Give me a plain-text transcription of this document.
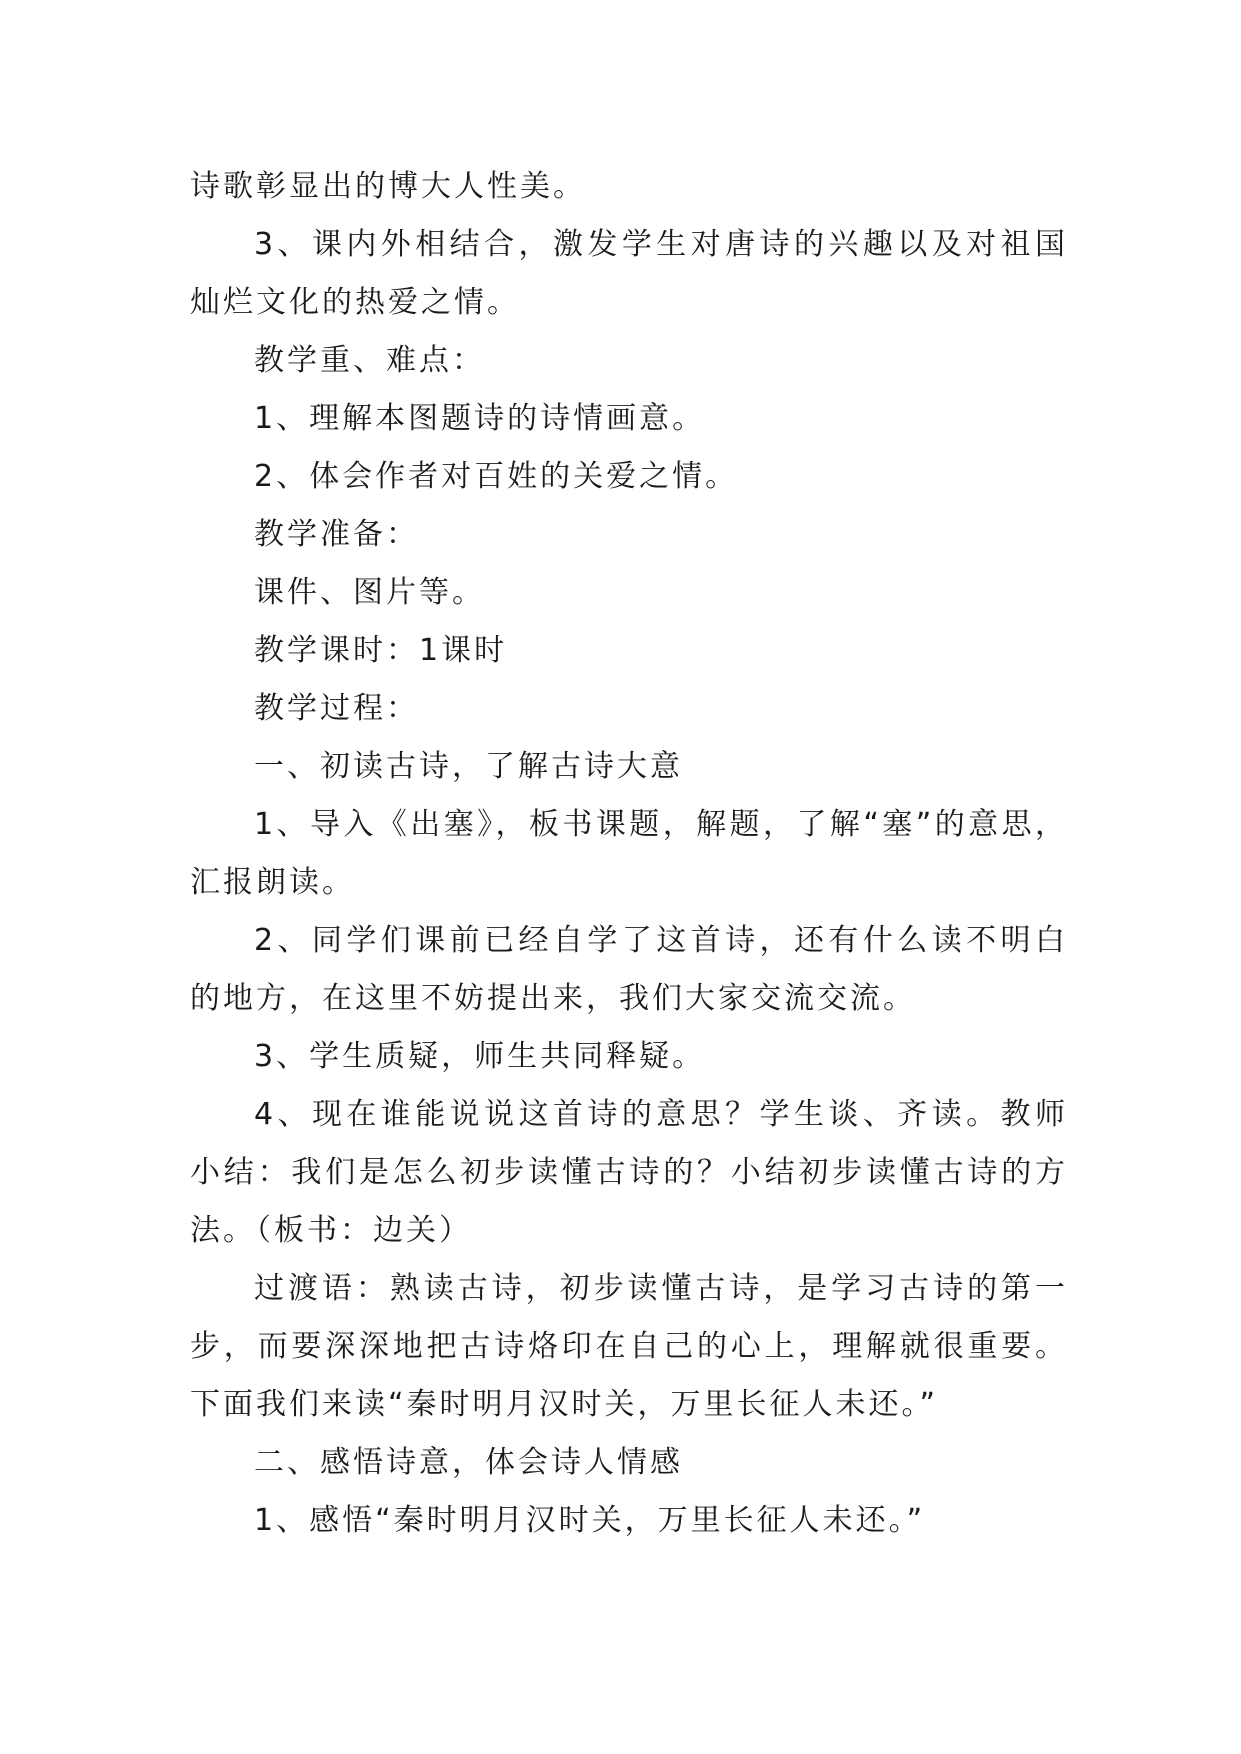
诗歌彰显出的博大人性美。

3、课内外相结合，激发学生对唐诗的兴趣以及对祖国灿烂文化的热爱之情。

教学重、难点：

1、理解本图题诗的诗情画意。

2、体会作者对百姓的关爱之情。

教学准备：

课件、图片等。

教学课时：1课时

教学过程：

一、初读古诗，了解古诗大意

1、导入《出塞》，板书课题，解题，了解“塞”的意思，汇报朗读。

2、同学们课前已经自学了这首诗，还有什么读不明白的地方，在这里不妨提出来，我们大家交流交流。

3、学生质疑，师生共同释疑。

4、现在谁能说说这首诗的意思？学生谈、齐读。教师小结：我们是怎么初步读懂古诗的？小结初步读懂古诗的方法。（板书：边关）

过渡语：熟读古诗，初步读懂古诗，是学习古诗的第一步，而要深深地把古诗烙印在自己的心上，理解就很重要。下面我们来读“秦时明月汉时关，万里长征人未还。”

二、感悟诗意，体会诗人情感

1、感悟“秦时明月汉时关，万里长征人未还。”
